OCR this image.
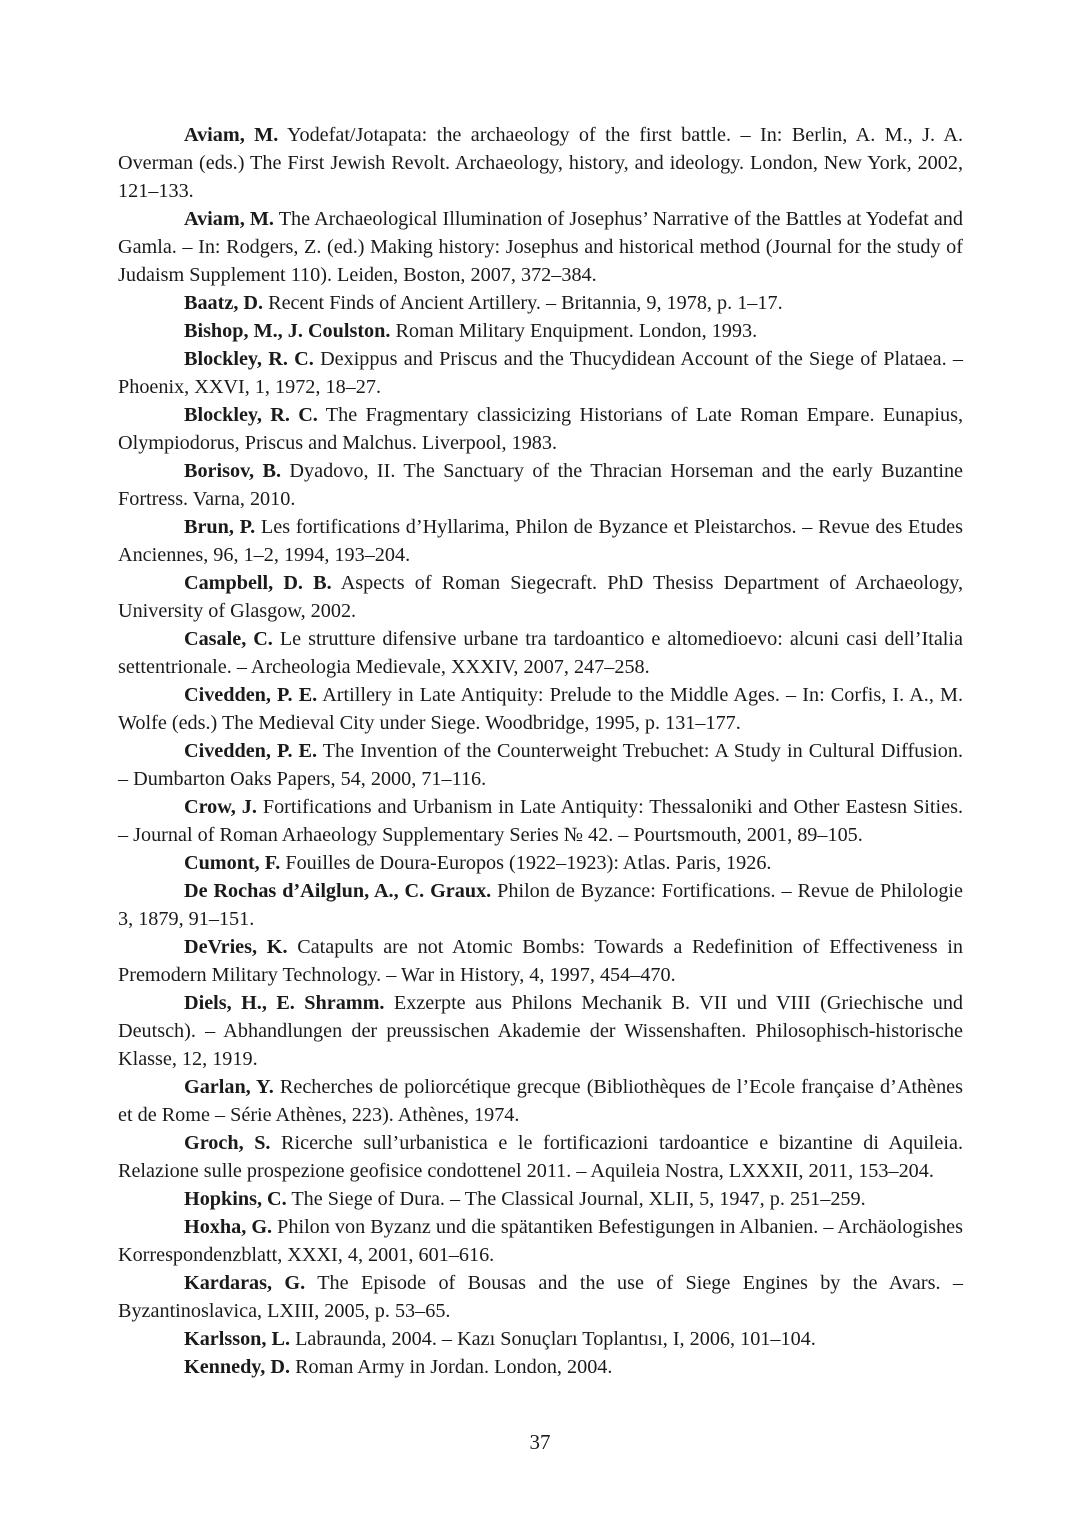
Aviam, M. Yodefat/Jotapata: the archaeology of the first battle. – In: Berlin, A. M., J. A. Overman (eds.) The First Jewish Revolt. Archaeology, history, and ideology. London, New York, 2002, 121–133.

Aviam, M. The Archaeological Illumination of Josephus’ Narrative of the Battles at Yodefat and Gamla. – In: Rodgers, Z. (ed.) Making history: Josephus and historical method (Journal for the study of Judaism Supplement 110). Leiden, Boston, 2007, 372–384.

Baatz, D. Recent Finds of Ancient Artillery. – Britannia, 9, 1978, p. 1–17.

Bishop, M., J. Coulston. Roman Military Enquipment. London, 1993.

Blockley, R. C. Dexippus and Priscus and the Thucydidean Account of the Siege of Plataea. – Phoenix, XXVI, 1, 1972, 18–27.

Blockley, R. C. The Fragmentary classicizing Historians of Late Roman Empare. Eunapius, Olympiodorus, Priscus and Malchus. Liverpool, 1983.

Borisov, B. Dyadovo, II. The Sanctuary of the Thracian Horseman and the early Buzantine Fortress. Varna, 2010.

Brun, P. Les fortifications d’Hyllarima, Philon de Byzance et Pleistarchos. – Revue des Etudes Anciennes, 96, 1–2, 1994, 193–204.

Campbell, D. B. Aspects of Roman Siegecraft. PhD Thesiss Department of Archaeology, University of Glasgow, 2002.

Casale, C. Le strutture difensive urbane tra tardoantico e altomedioevo: alcuni casi dell’Italia settentrionale. – Archeologia Medievale, XXXIV, 2007, 247–258.

Civedden, P. E. Artillery in Late Antiquity: Prelude to the Middle Ages. – In: Corfis, I. A., M. Wolfe (eds.) The Medieval City under Siege. Woodbridge, 1995, p. 131–177.

Civedden, P. E. The Invention of the Counterweight Trebuchet: A Study in Cultural Diffusion. – Dumbarton Oaks Papers, 54, 2000, 71–116.

Crow, J. Fortifications and Urbanism in Late Antiquity: Thessaloniki and Other Eastesn Sities. – Journal of Roman Arhaeology Supplementary Series № 42. – Pourtsmouth, 2001, 89–105.

Cumont, F. Fouilles de Doura-Europos (1922–1923): Atlas. Paris, 1926.

De Rochas d’Ailglun, A., C. Graux. Philon de Byzance: Fortifications. – Revue de Philologie 3, 1879, 91–151.

DeVries, K. Catapults are not Atomic Bombs: Towards a Redefinition of Effectiveness in Premodern Military Technology. – War in History, 4, 1997, 454–470.

Diels, H., E. Shramm. Exzerpte aus Philons Mechanik B. VII und VIII (Griechische und Deutsch). – Abhandlungen der preussischen Akademie der Wissenshaften. Philosophisch-historische Klasse, 12, 1919.

Garlan, Y. Recherches de poliorcétique grecque (Bibliothèques de l’Ecole française d’Athènes et de Rome – Série Athènes, 223). Athènes, 1974.

Groch, S. Ricerche sull’urbanistica e le fortificazioni tardoantice e bizantine di Aquileia. Relazione sulle prospezione geofisice condottenel 2011. – Aquileia Nostra, LXXXII, 2011, 153–204.

Hopkins, C. The Siege of Dura. – The Classical Journal, XLII, 5, 1947, p. 251–259.

Hoxha, G. Philon von Byzanz und die spätantiken Befestigungen in Albanien. – Archäologishes Korrespondenzblatt, XXXI, 4, 2001, 601–616.

Kardaras, G. The Episode of Bousas and the use of Siege Engines by the Avars. – Byzantinoslavica, LXIII, 2005, p. 53–65.

Karlsson, L. Labraunda, 2004. – Kazı Sonuçları Toplantısı, I, 2006, 101–104.

Kennedy, D. Roman Army in Jordan. London, 2004.

37
